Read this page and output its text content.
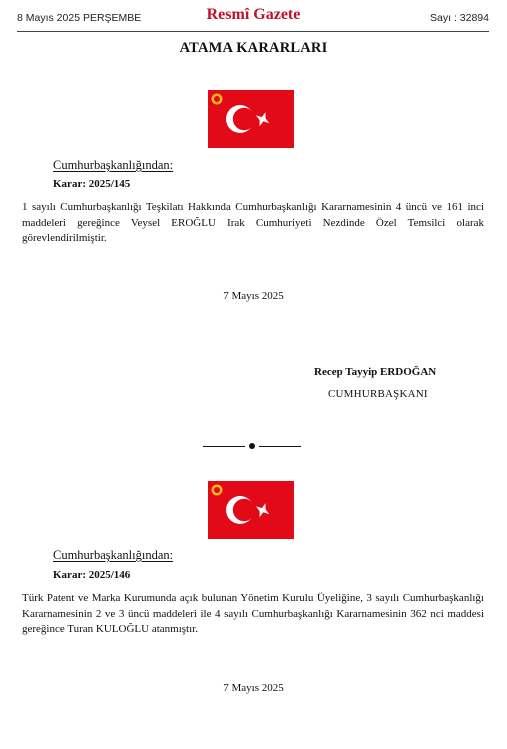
8 Mayıs 2025 PERŞEMBE	Resmî Gazete	Sayı : 32894
ATAMA KARARLARI
Cumhurbaşkanlığından:
Karar: 2025/145
1 sayılı Cumhurbaşkanlığı Teşkilatı Hakkında Cumhurbaşkanlığı Kararnamesinin 4 üncü ve 161 inci maddeleri gereğince Veysel EROĞLU Irak Cumhuriyeti Nezdinde Özel Temsilci olarak görevlendirilmiştir.
7 Mayıs 2025
Recep Tayyip ERDOĞAN
CUMHURBAŞKANI
Cumhurbaşkanlığından:
Karar: 2025/146
Türk Patent ve Marka Kurumunda açık bulunan Yönetim Kurulu Üyeliğine, 3 sayılı Cumhurbaşkanlığı Kararnamesinin 2 ve 3 üncü maddeleri ile 4 sayılı Cumhurbaşkanlığı Kararnamesinin 362 nci maddesi gereğince Turan KULOĞLU atanmıştır.
7 Mayıs 2025
